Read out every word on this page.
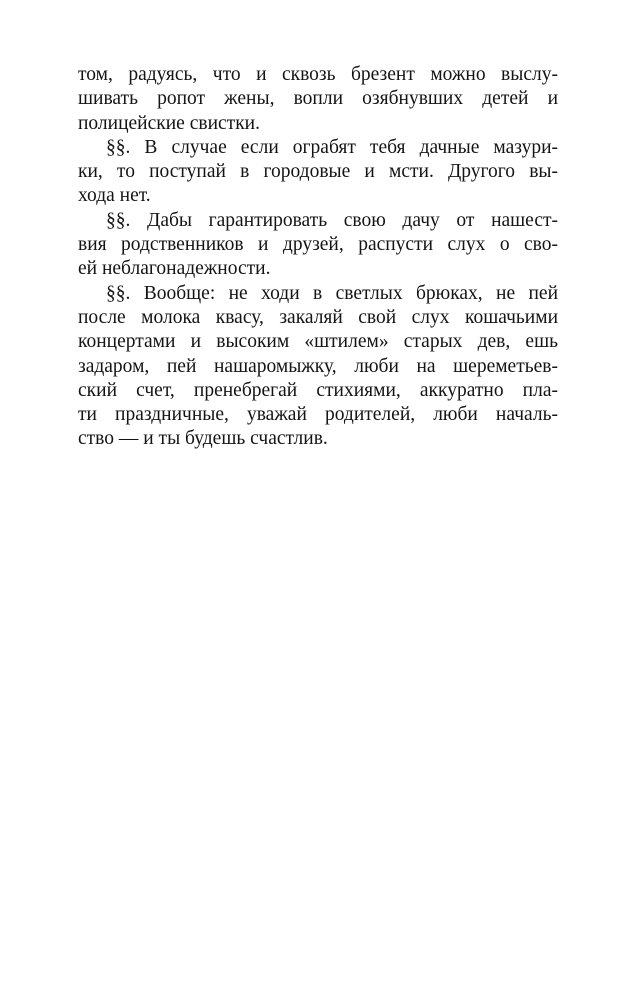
том, радуясь, что и сквозь брезент можно выслу-
шивать ропот жены, вопли озябнувших детей и
полицейские свистки.
§§. В случае если ограбят тебя дачные мазури-
ки, то поступай в городовые и мсти. Другого вы-
хода нет.
§§. Дабы гарантировать свою дачу от нашест-
вия родственников и друзей, распусти слух о сво-
ей неблагонадежности.
§§. Вообще: не ходи в светлых брюках, не пей
после молока квасу, закаляй свой слух кошачьими
концертами и высоким «штилем» старых дев, ешь
задаром, пей нашаромыжку, люби на шереметьев-
ский счет, пренебрегай стихиями, аккуратно пла-
ти праздничные, уважай родителей, люби началь-
ство — и ты будешь счастлив.
